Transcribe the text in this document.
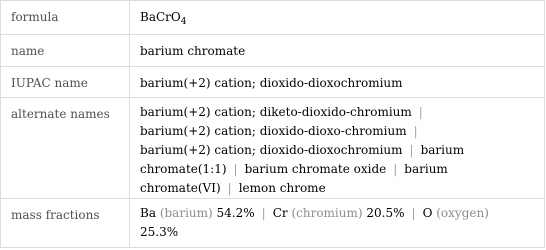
formula	BaCrO$_4$

name	barium chromate

IUPAC name	barium(+2) cation; dioxido-dioxochromium

alternate names	barium(+2) cation; diketo-dioxido-chromium |
barium(+2) cation; dioxido-dioxo-chromium |
barium(+2) cation; dioxido-dioxochromium | barium
chromate(1:1) | barium chromate oxide | barium
chromate(VI) | lemon chrome

mass fractions	Ba (barium) 54.2% | Cr (chromium) 20.5% | O (oxygen)
25.3%
